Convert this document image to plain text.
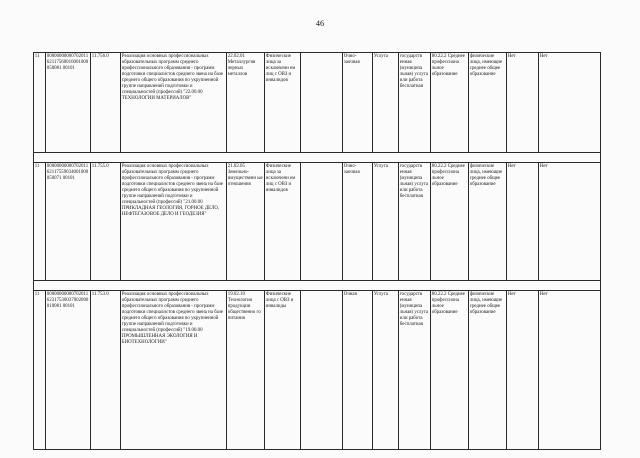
46
11	0000000000070201162117560016001000050081 00101	11.756.0	Реализация основных профессиональных образовательных программ среднего профессионального образования - программ подготовки специалистов среднего звена на базе среднего общего образования по укрупненной группе направлений подготовки и специальностей (профессий) "22.00.00 ТЕХНОЛОГИИ МАТЕРИАЛОВ"	22.02.01 Металлургия черных металлов	Физические лица за исключени ем лиц с ОВЗ и инвалидов		Очно-заочная	Услуга	государств енная (муниципа льная) услуга или работа бесплатная	80.22.2 Среднее профессиона льное образование	физические лица, имеющие среднее общее образование	Нет	Нет

11	0000000000070201162117559034001000050071 00101	11.755.0	Реализация основных профессиональных образовательных программ среднего профессионального образования - программ подготовки специалистов среднего звена на базе среднего общего образования по укрупненной группе направлений подготовки и специальностей (профессий) "21.00.00 ПРИКЛАДНАЯ ГЕОЛОГИЯ, ГОРНОЕ ДЕЛО, НЕФТЕГАЗОВОЕ ДЕЛО И ГЕОДЕЗИЯ"	21.02.05 Земельно-имущественн ые отношения	Физические лица за исключени ем лиц с ОВЗ и инвалидов		Очно-заочная	Услуга	государств енная (муниципа льная) услуга или работа бесплатная	80.22.2 Среднее профессиона льное образование	физические лица, имеющие среднее общее образование	Нет	Нет

11	0000000000070201162317530037002000010081 00101	11.753.0	Реализация основных профессиональных образовательных программ среднего профессионального образования - программ подготовки специалистов среднего звена на базе среднего общего образования по укрупненной группе направлений подготовки и специальностей (профессий) "19.00.00 ПРОМЫШЛЕННАЯ ЭКОЛОГИЯ И БИОТЕХНОЛОГИИ"	19.02.10 Технология продукции общественно го питания	Физические лица с ОВЗ и инвалиды		Очная	Услуга	государств енная (муниципа льная) услуга или работа бесплатная	80.22.2 Среднее профессиона льное образование	физические лица, имеющие среднее общее образование	Нет	Нет
